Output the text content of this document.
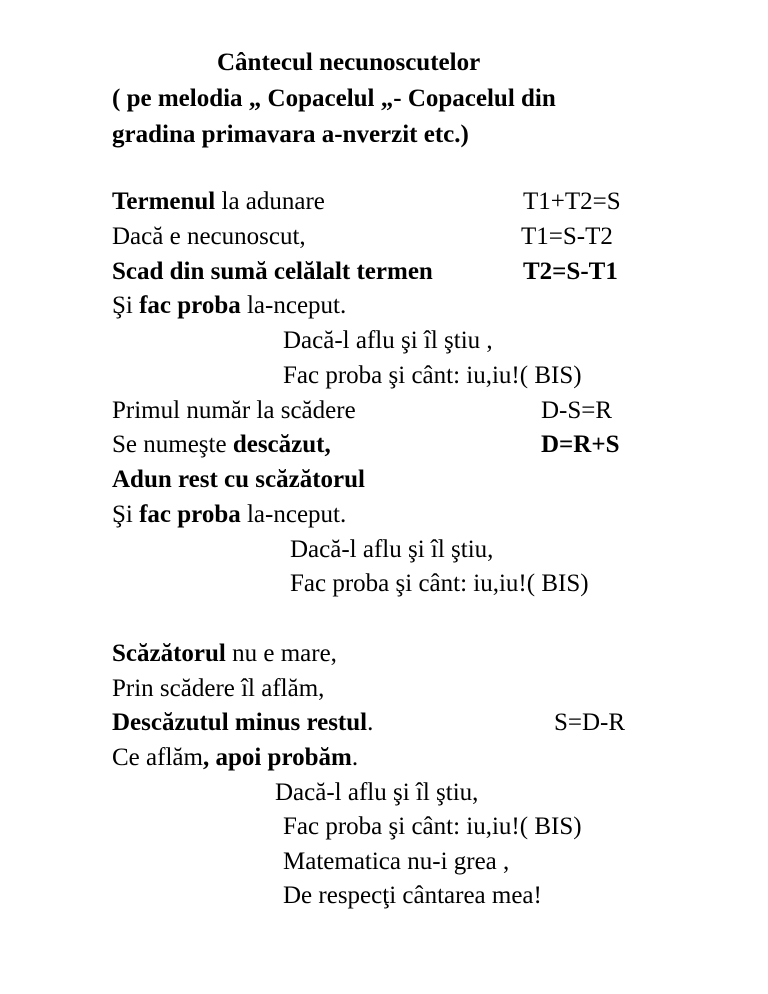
Cântecul necunoscutelor
( pe melodia „ Copacelul „- Copacelul din
gradina primavara a-nverzit etc.)
Termenul la adunare	T1+T2=S
Dacă e necunoscut,	T1=S-T2
Scad din sumă celălalt termen	T2=S-T1
Şi fac proba la-nceput.
Dacă-l aflu şi îl ştiu ,
Fac proba şi cânt: iu,iu!( BIS)
Primul număr la scădere	D-S=R
Se numeşte descăzut,	D=R+S
Adun rest cu scăzătorul
Şi fac proba la-nceput.
Dacă-l aflu şi îl ştiu,
Fac proba şi cânt: iu,iu!( BIS)
Scăzătorul nu e mare,
Prin scădere îl aflăm,
Descăzutul minus restul.	S=D-R
Ce aflăm, apoi probăm.
Dacă-l aflu şi îl ştiu,
Fac proba şi cânt: iu,iu!( BIS)
Matematica nu-i grea ,
De respecţi cântarea mea!
